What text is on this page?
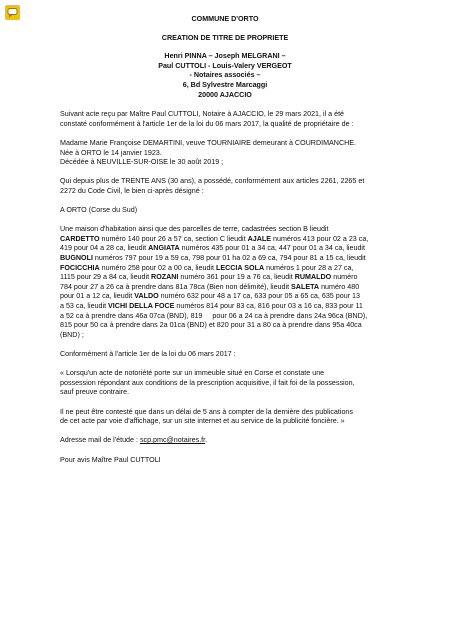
COMMUNE D'ORTO
CREATION DE TITRE DE PROPRIETE
Henri PINNA – Joseph MELGRANI –
Paul CUTTOLI - Louis-Valery VERGEOT
- Notaires associés –
6, Bd Sylvestre Marcaggi
20000 AJACCIO

Suivant acte reçu par Maître Paul CUTTOLI, Notaire à AJACCIO, le 29 mars 2021, il a été
constaté conformément à l'article 1er de la loi du 06 mars 2017, la qualité de propriétaire de :

Madame Marie Françoise DEMARTINI, veuve TOURNIAIRE demeurant à COURDIMANCHE.
Née à ORTO le 14 janvier 1923.
Décédée à NEUVILLE-SUR-OISE le 30 août 2019 ;

Qui depuis plus de TRENTE ANS (30 ans), a possédé, conformément aux articles 2261, 2265 et
2272 du Code Civil, le bien ci-après désigné :

A ORTO (Corse du Sud)

Une maison d'habitation ainsi que des parcelles de terre, cadastrées section B lieudit
CARDETTO numéro 140 pour 26 a 57 ca, section C lieudit AJALE numéros 413 pour 02 a 23 ca,
419 pour 04 a 28 ca, lieudit ANGIATA numéros 435 pour 01 a 34 ca, 447 pour 01 a 34 ca, lieudit
BUGNOLI numéros 797 pour 19 a 59 ca, 798 pour 01 ha 02 a 69 ca, 794 pour 81 a 15 ca, lieudit
FOCICCHIA numéro 258 pour 02 a 00 ca, lieudit LECCIA SOLA numéros 1 pour 28 a 27 ca,
1115 pour 29 a 84 ca, lieudit ROZANI numéro 361 pour 19 a 76 ca, lieudit RUMALDO numéro
784 pour 27 a 26 ca à prendre dans 81a 78ca (Bien non délimité), lieudit SALETA numéro 480
pour 01 a 12 ca, lieudit VALDO numéro 632 pour 48 a 17 ca, 633 pour 05 a 65 ca, 635 pour 13
a 53 ca, lieudit VICHI DELLA FOCE numéros 814 pour 83 ca, 816 pour 03 a 16 ca, 833 pour 11
a 52 ca à prendre dans 46a 07ca (BND), 819     pour 06 a 24 ca à prendre dans 24a 96ca (BND),
815 pour 50 ca à prendre dans 2a 01ca (BND) et 820 pour 31 a 80 ca à prendre dans 95a 40ca
(BND) ;

Conformément à l'article 1er de la loi du 06 mars 2017 :

« Lorsqu'un acte de notoriété porte sur un immeuble situé en Corse et constate une
possession répondant aux conditions de la prescription acquisitive, il fait foi de la possession,
sauf preuve contraire.

Il ne peut être contesté que dans un délai de 5 ans à compter de la dernière des publications
de cet acte par voie d'affichage, sur un site internet et au service de la publicité foncière. »

Adresse mail de l'étude : scp.pmc@notaires.fr.

Pour avis Maître Paul CUTTOLI
